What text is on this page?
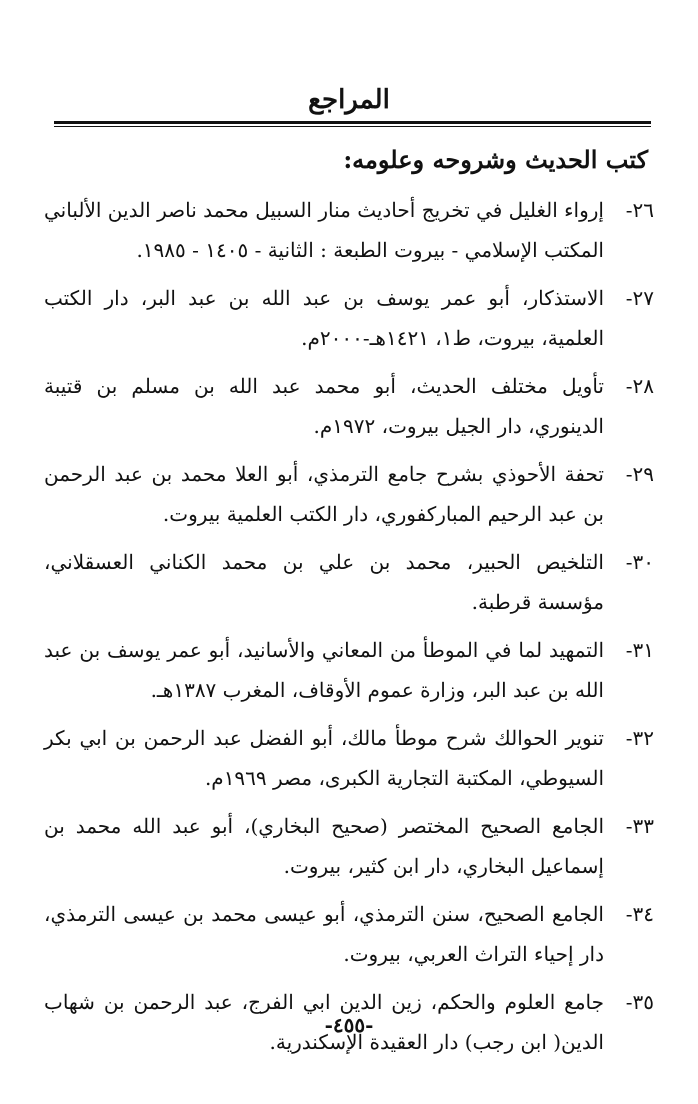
المراجع
كتب الحديث وشروحه وعلومه:
٢٦-
إرواء الغليل في تخريج أحاديث منار السبيل محمد ناصر الدين الألباني المكتب الإسلامي - بيروت الطبعة : الثانية - ١٤٠٥ - ١٩٨٥.
٢٧-
الاستذكار، أبو عمر يوسف بن عبد الله بن عبد البر، دار الكتب العلمية، بيروت، ط١، ١٤٢١هـ-٢٠٠٠م.
٢٨-
تأويل مختلف الحديث، أبو محمد عبد الله بن مسلم بن قتيبة الدينوري، دار الجيل بيروت، ١٩٧٢م.
٢٩-
تحفة الأحوذي بشرح جامع الترمذي، أبو العلا محمد بن عبد الرحمن بن عبد الرحيم المباركفوري، دار الكتب العلمية بيروت.
٣٠-
التلخيص الحبير، محمد بن علي بن محمد الكناني العسقلاني، مؤسسة قرطبة.
٣١-
التمهيد لما في الموطأ من المعاني والأسانيد، أبو عمر يوسف بن عبد الله بن عبد البر، وزارة عموم الأوقاف، المغرب ١٣٨٧هـ.
٣٢-
تنوير الحوالك شرح موطأ مالك، أبو الفضل عبد الرحمن بن ابي بكر السيوطي، المكتبة التجارية الكبرى، مصر ١٩٦٩م.
٣٣-
الجامع الصحيح المختصر (صحيح البخاري)، أبو عبد الله محمد بن إسماعيل البخاري، دار ابن كثير، بيروت.
٣٤-
الجامع الصحيح، سنن الترمذي، أبو عيسى محمد بن عيسى الترمذي، دار إحياء التراث العربي، بيروت.
٣٥-
جامع العلوم والحكم، زين الدين ابي الفرج، عبد الرحمن بن شهاب الدين( ابن رجب) دار العقيدة الإسكندرية.
-٤٥٥-
